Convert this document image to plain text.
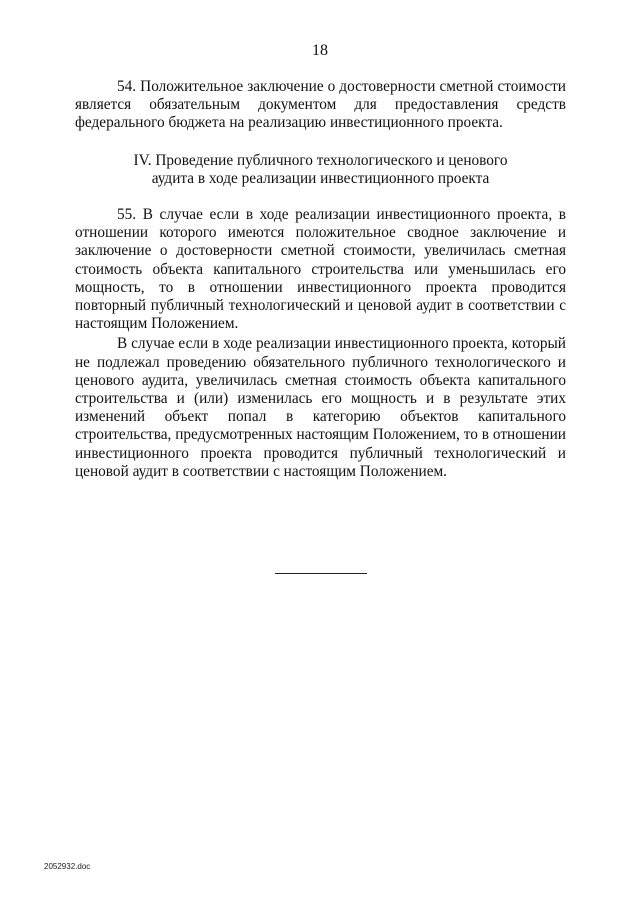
18

54. Положительное заключение о достоверности сметной стоимости является обязательным документом для предоставления средств федерального бюджета на реализацию инвестиционного проекта.

IV. Проведение публичного технологического и ценового
аудита в ходе реализации инвестиционного проекта

55. В случае если в ходе реализации инвестиционного проекта, в отношении которого имеются положительное сводное заключение и заключение о достоверности сметной стоимости, увеличилась сметная стоимость объекта капитального строительства или уменьшилась его мощность, то в отношении инвестиционного проекта проводится повторный публичный технологический и ценовой аудит в соответствии с настоящим Положением.

В случае если в ходе реализации инвестиционного проекта, который не подлежал проведению обязательного публичного технологического и ценового аудита, увеличилась сметная стоимость объекта капитального строительства и (или) изменилась его мощность и в результате этих изменений объект попал в категорию объектов капитального строительства, предусмотренных настоящим Положением, то в отношении инвестиционного проекта проводится публичный технологический и ценовой аудит в соответствии с настоящим Положением.

2052932.doc
